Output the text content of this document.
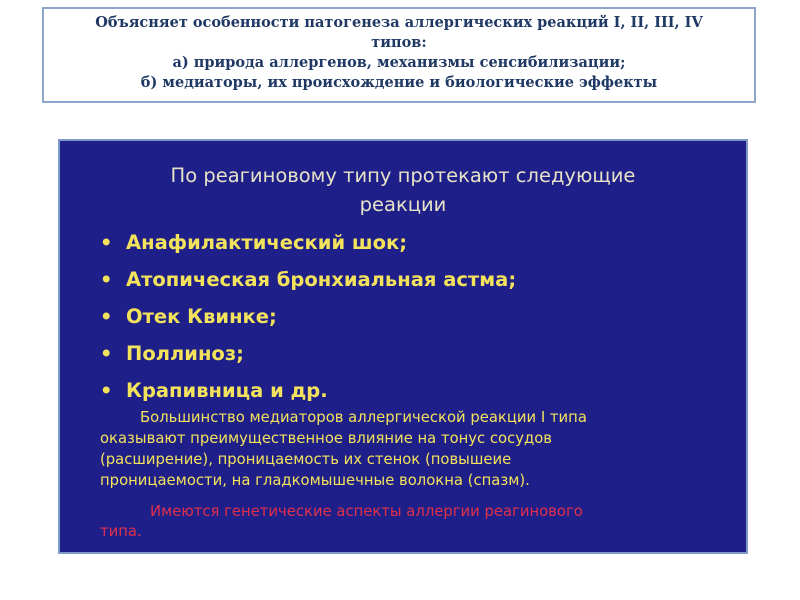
Объясняет особенности патогенеза аллергических реакций I, II, III, IV
типов:
а) природа аллергенов, механизмы сенсибилизации;
б) медиаторы, их происхождение и биологические эффекты
По реагиновому типу протекают следующие
реакции
• Анафилактический шок;
• Атопическая бронхиальная астма;
• Отек Квинке;
• Поллиноз;
• Крапивница и др.
Большинство медиаторов аллергической реакции I типа
оказывают преимущественное влияние на тонус сосудов
(расширение), проницаемость их стенок (повышеие
проницаемости, на гладкомышечные волокна (спазм).
Имеются генетические аспекты аллергии реагинового
типа.
